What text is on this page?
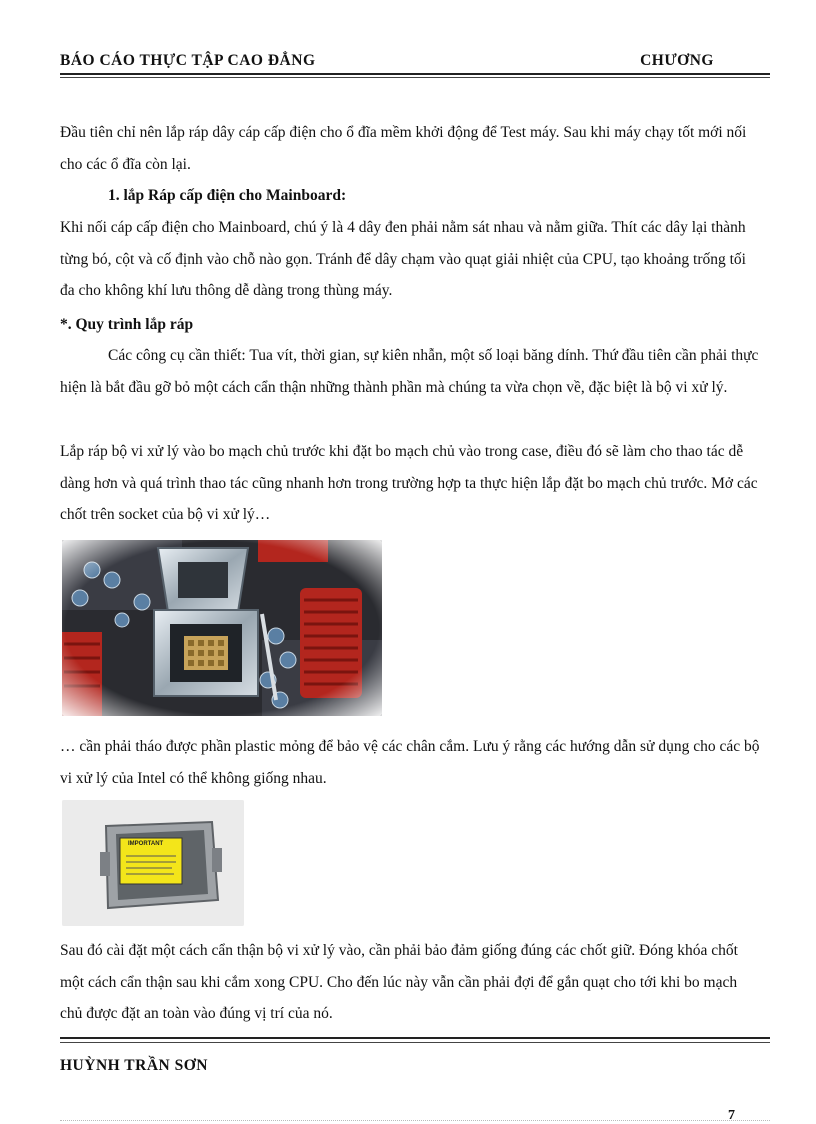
BÁO CÁO THỰC TẬP CAO ĐẲNG	CHƯƠNG

Đầu tiên chỉ nên lắp ráp dây cáp cấp điện cho ổ đĩa mềm khởi động để Test máy. Sau khi máy chạy tốt mới nối cho các ổ đĩa còn lại.

1. lắp Ráp cấp điện cho Mainboard:

Khi nối cáp cấp điện cho Mainboard, chú ý là 4 dây đen phải nằm sát nhau và nằm giữa. Thít các dây lại thành từng bó, cột và cố định vào chỗ nào gọn. Tránh để dây chạm vào quạt giải nhiệt của CPU, tạo khoảng trống tối đa cho không khí lưu thông dễ dàng trong thùng máy.

*. Quy trình lắp ráp

Các công cụ cần thiết: Tua vít, thời gian, sự kiên nhẫn, một số loại băng dính. Thứ đầu tiên cần phải thực hiện là bắt đầu gỡ bỏ một cách cẩn thận những thành phần mà chúng ta vừa chọn về, đặc biệt là bộ vi xử lý.

Lắp ráp bộ vi xử lý vào bo mạch chủ trước khi đặt bo mạch chủ vào trong case, điều đó sẽ làm cho thao tác dễ dàng hơn và quá trình thao tác cũng nhanh hơn trong trường hợp ta thực hiện lắp đặt bo mạch chủ trước. Mở các chốt trên socket của bộ vi xử lý…

… cần phải tháo được phần plastic mỏng để bảo vệ các chân cắm. Lưu ý rằng các hướng dẫn sử dụng cho các bộ vi xử lý của Intel có thể không giống nhau.

IMPORTANT

Sau đó cài đặt một cách cẩn thận bộ vi xử lý vào, cần phải bảo đảm giống đúng các chốt giữ. Đóng khóa chốt một cách cẩn thận sau khi cắm xong CPU. Cho đến lúc này vẫn cần phải đợi để gắn quạt cho tới khi bo mạch chủ được đặt an toàn vào đúng vị trí của nó.

HUỲNH TRẦN SƠN
7
